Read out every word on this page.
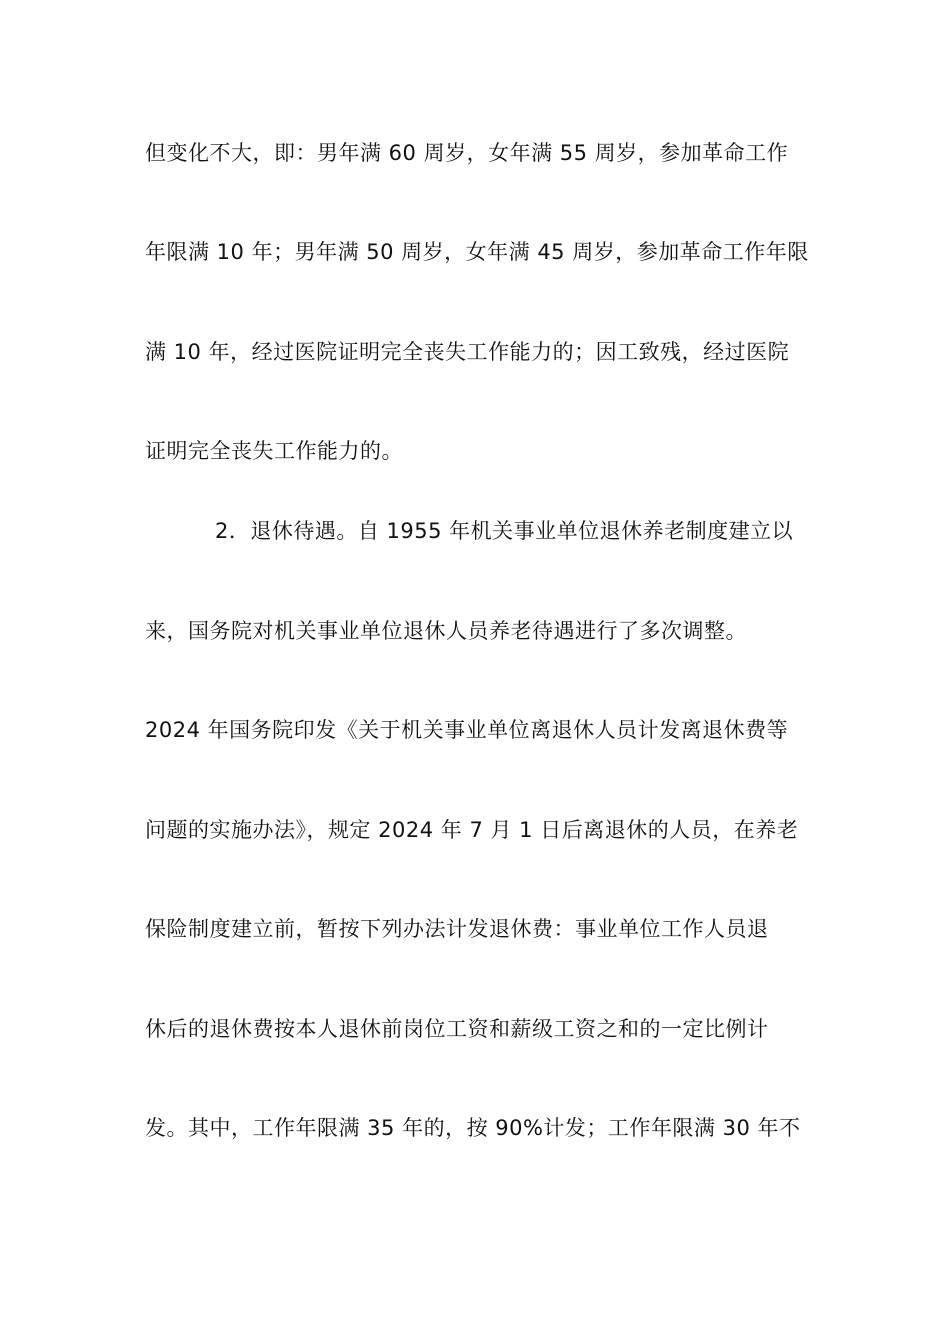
但变化不大，即：男年满 60 周岁，女年满 55 周岁，参加革命工作
年限满 10 年；男年满 50 周岁，女年满 45 周岁，参加革命工作年限
满 10 年，经过医院证明完全丧失工作能力的；因工致残，经过医院
证明完全丧失工作能力的。
2．退休待遇。自 1955 年机关事业单位退休养老制度建立以
来，国务院对机关事业单位退休人员养老待遇进行了多次调整。
2024 年国务院印发《关于机关事业单位离退休人员计发离退休费等
问题的实施办法》，规定 2024 年 7 月 1 日后离退休的人员，在养老
保险制度建立前，暂按下列办法计发退休费：事业单位工作人员退
休后的退休费按本人退休前岗位工资和薪级工资之和的一定比例计
发。其中，工作年限满 35 年的，按 90%计发；工作年限满 30 年不
